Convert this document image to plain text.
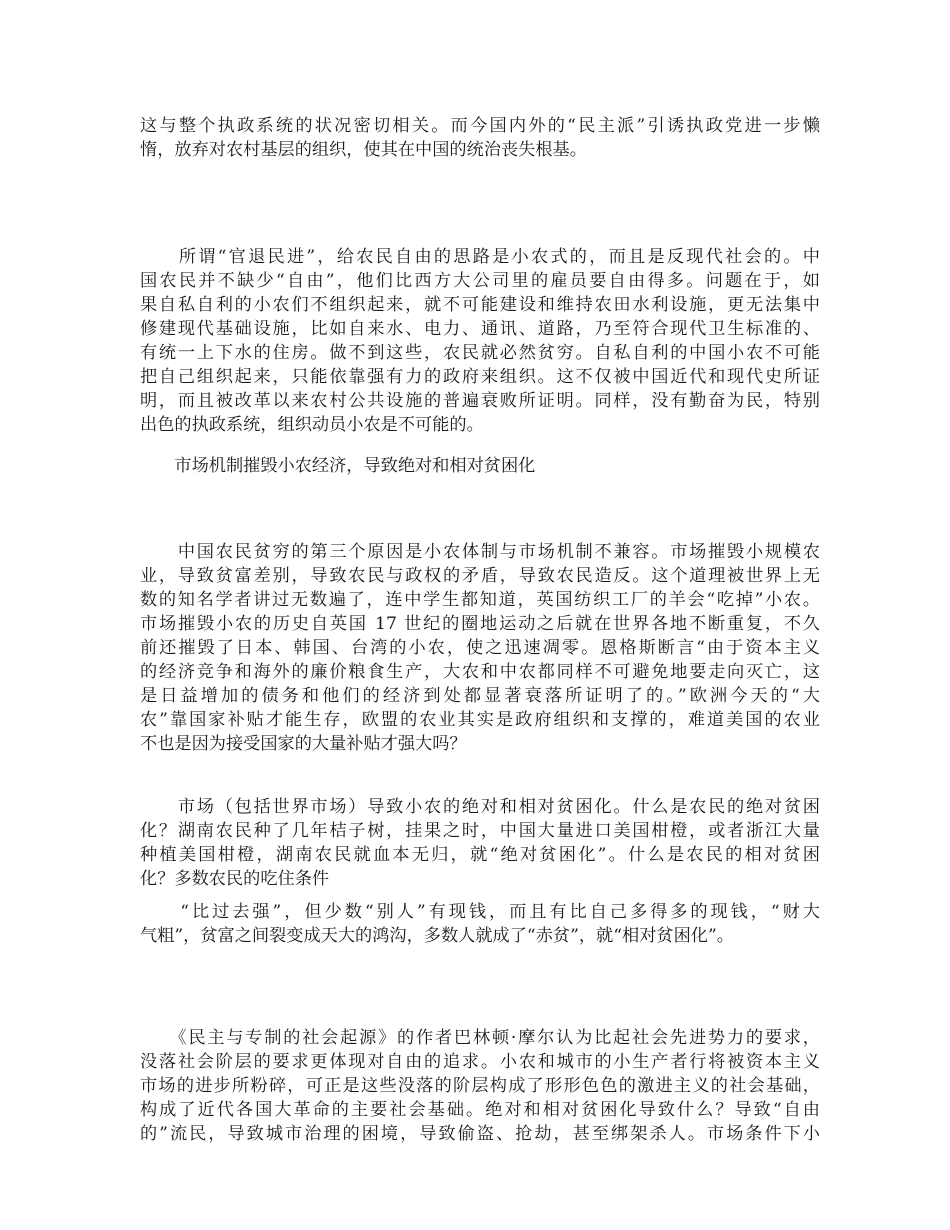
这与整个执政系统的状况密切相关。而今国内外的“民主派”引诱执政党进一步懒
惰，放弃对农村基层的组织，使其在中国的统治丧失根基。
　　所谓“官退民进”，给农民自由的思路是小农式的，而且是反现代社会的。中
国农民并不缺少“自由”，他们比西方大公司里的雇员要自由得多。问题在于，如
果自私自利的小农们不组织起来，就不可能建设和维持农田水利设施，更无法集中
修建现代基础设施，比如自来水、电力、通讯、道路，乃至符合现代卫生标准的、
有统一上下水的住房。做不到这些，农民就必然贫穷。自私自利的中国小农不可能
把自己组织起来，只能依靠强有力的政府来组织。这不仅被中国近代和现代史所证
明，而且被改革以来农村公共设施的普遍衰败所证明。同样，没有勤奋为民，特别
出色的执政系统，组织动员小农是不可能的。
　　市场机制摧毁小农经济，导致绝对和相对贫困化
　　中国农民贫穷的第三个原因是小农体制与市场机制不兼容。市场摧毁小规模农
业，导致贫富差别，导致农民与政权的矛盾，导致农民造反。这个道理被世界上无
数的知名学者讲过无数遍了，连中学生都知道，英国纺织工厂的羊会“吃掉”小农。
市场摧毁小农的历史自英国 17 世纪的圈地运动之后就在世界各地不断重复，不久
前还摧毁了日本、韩国、台湾的小农，使之迅速凋零。恩格斯断言“由于资本主义
的经济竞争和海外的廉价粮食生产，大农和中农都同样不可避免地要走向灭亡，这
是日益增加的债务和他们的经济到处都显著衰落所证明了的。”欧洲今天的“大
农”靠国家补贴才能生存，欧盟的农业其实是政府组织和支撑的，难道美国的农业
不也是因为接受国家的大量补贴才强大吗？
　　市场（包括世界市场）导致小农的绝对和相对贫困化。什么是农民的绝对贫困
化？湖南农民种了几年桔子树，挂果之时，中国大量进口美国柑橙，或者浙江大量
种植美国柑橙，湖南农民就血本无归，就“绝对贫困化”。什么是农民的相对贫困
化？多数农民的吃住条件
　　“比过去强”，但少数“别人”有现钱，而且有比自己多得多的现钱，“财大
气粗”，贫富之间裂变成天大的鸿沟，多数人就成了“赤贫”，就“相对贫困化”。
　　《民主与专制的社会起源》的作者巴林顿·摩尔认为比起社会先进势力的要求，
没落社会阶层的要求更体现对自由的追求。小农和城市的小生产者行将被资本主义
市场的进步所粉碎，可正是这些没落的阶层构成了形形色色的激进主义的社会基础，
构成了近代各国大革命的主要社会基础。绝对和相对贫困化导致什么？导致“自由
的”流民，导致城市治理的困境，导致偷盗、抢劫，甚至绑架杀人。市场条件下小
